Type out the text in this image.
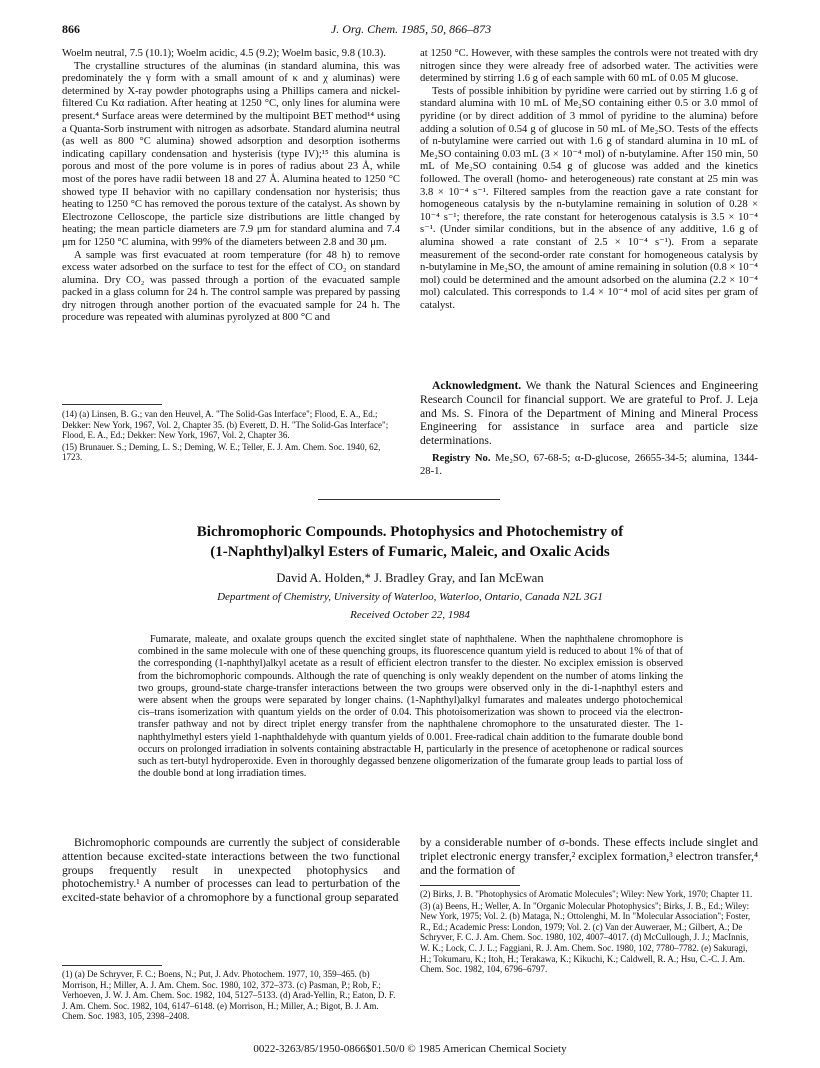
866	J. Org. Chem. 1985, 50, 866–873

Woelm neutral, 7.5 (10.1); Woelm acidic, 4.5 (9.2); Woelm basic, 9.8 (10.3).

The crystalline structures of the aluminas (in standard alumina, this was predominately the γ form with a small amount of κ and χ aluminas) were determined by X-ray powder photographs using a Phillips camera and nickel-filtered Cu Kα radiation. After heating at 1250 °C, only lines for alumina were present.⁴ Surface areas were determined by the multipoint BET method¹⁴ using a Quanta-Sorb instrument with nitrogen as adsorbate. Standard alumina neutral (as well as 800 °C alumina) showed adsorption and desorption isotherms indicating capillary condensation and hysterisis (type IV);¹⁵ this alumina is porous and most of the pore volume is in pores of radius about 23 Å, while most of the pores have radii between 18 and 27 Å. Alumina heated to 1250 °C showed type II behavior with no capillary condensation nor hysterisis; thus heating to 1250 °C has removed the porous texture of the catalyst. As shown by Electrozone Celloscope, the particle size distributions are little changed by heating; the mean particle diameters are 7.9 μm for standard alumina and 7.4 μm for 1250 °C alumina, with 99% of the diameters between 2.8 and 30 μm.

A sample was first evacuated at room temperature (for 48 h) to remove excess water adsorbed on the surface to test for the effect of CO₂ on standard alumina. Dry CO₂ was passed through a portion of the evacuated sample packed in a glass column for 24 h. The control sample was prepared by passing dry nitrogen through another portion of the evacuated sample for 24 h. The procedure was repeated with aluminas pyrolyzed at 800 °C and

(14) (a) Linsen, B. G.; van den Heuvel, A. "The Solid-Gas Interface"; Flood, E. A., Ed.; Dekker: New York, 1967, Vol. 2, Chapter 35. (b) Everett, D. H. "The Solid-Gas Interface"; Flood, E. A., Ed.; Dekker: New York, 1967, Vol. 2, Chapter 36.

(15) Brunauer. S.; Deming, L. S.; Deming, W. E.; Teller, E. J. Am. Chem. Soc. 1940, 62, 1723.

at 1250 °C. However, with these samples the controls were not treated with dry nitrogen since they were already free of adsorbed water. The activities were determined by stirring 1.6 g of each sample with 60 mL of 0.05 M glucose.

Tests of possible inhibition by pyridine were carried out by stirring 1.6 g of standard alumina with 10 mL of Me₂SO containing either 0.5 or 3.0 mmol of pyridine (or by direct addition of 3 mmol of pyridine to the alumina) before adding a solution of 0.54 g of glucose in 50 mL of Me₂SO. Tests of the effects of n-butylamine were carried out with 1.6 g of standard alumina in 10 mL of Me₂SO containing 0.03 mL (3 × 10⁻⁴ mol) of n-butylamine. After 150 min, 50 mL of Me₂SO containing 0.54 g of glucose was added and the kinetics followed. The overall (homo- and heterogeneous) rate constant at 25 min was 3.8 × 10⁻⁴ s⁻¹. Filtered samples from the reaction gave a rate constant for homogeneous catalysis by the n-butylamine remaining in solution of 0.28 × 10⁻⁴ s⁻¹; therefore, the rate constant for heterogenous catalysis is 3.5 × 10⁻⁴ s⁻¹. (Under similar conditions, but in the absence of any additive, 1.6 g of alumina showed a rate constant of 2.5 × 10⁻⁴ s⁻¹). From a separate measurement of the second-order rate constant for homogeneous catalysis by n-butylamine in Me₂SO, the amount of amine remaining in solution (0.8 × 10⁻⁴ mol) could be determined and the amount adsorbed on the alumina (2.2 × 10⁻⁴ mol) calculated. This corresponds to 1.4 × 10⁻⁴ mol of acid sites per gram of catalyst.

Acknowledgment. We thank the Natural Sciences and Engineering Research Council for financial support. We are grateful to Prof. J. Leja and Ms. S. Finora of the Department of Mining and Mineral Process Engineering for assistance in surface area and particle size determinations.

Registry No. Me₂SO, 67-68-5; α-D-glucose, 26655-34-5; alumina, 1344-28-1.

Bichromophoric Compounds. Photophysics and Photochemistry of
(1-Naphthyl)alkyl Esters of Fumaric, Maleic, and Oxalic Acids
David A. Holden,* J. Bradley Gray, and Ian McEwan
Department of Chemistry, University of Waterloo, Waterloo, Ontario, Canada N2L 3G1
Received October 22, 1984
Fumarate, maleate, and oxalate groups quench the excited singlet state of naphthalene. When the naphthalene chromophore is combined in the same molecule with one of these quenching groups, its fluorescence quantum yield is reduced to about 1% of that of the corresponding (1-naphthyl)alkyl acetate as a result of efficient electron transfer to the diester. No exciplex emission is observed from the bichromophoric compounds. Although the rate of quenching is only weakly dependent on the number of atoms linking the two groups, ground-state charge-transfer interactions between the two groups were observed only in the di-1-naphthyl esters and were absent when the groups were separated by longer chains. (1-Naphthyl)alkyl fumarates and maleates undergo photochemical cis–trans isomerization with quantum yields on the order of 0.04. This photoisomerization was shown to proceed via the electron-transfer pathway and not by direct triplet energy transfer from the naphthalene chromophore to the unsaturated diester. The 1-naphthylmethyl esters yield 1-naphthaldehyde with quantum yields of 0.001. Free-radical chain addition to the fumarate double bond occurs on prolonged irradiation in solvents containing abstractable H, particularly in the presence of acetophenone or radical sources such as tert-butyl hydroperoxide. Even in thoroughly degassed benzene oligomerization of the fumarate group leads to partial loss of the double bond at long irradiation times.

Bichromophoric compounds are currently the subject of considerable attention because excited-state interactions between the two functional groups frequently result in unexpected photophysics and photochemistry.¹ A number of processes can lead to perturbation of the excited-state behavior of a chromophore by a functional group separated

(1) (a) De Schryver, F. C.; Boens, N.; Put, J. Adv. Photochem. 1977, 10, 359–465. (b) Morrison, H.; Miller, A. J. Am. Chem. Soc. 1980, 102, 372–373. (c) Pasman, P.; Rob, F.; Verhoeven, J. W. J. Am. Chem. Soc. 1982, 104, 5127–5133. (d) Arad-Yellin, R.; Eaton, D. F. J. Am. Chem. Soc. 1982, 104, 6147–6148. (e) Morrison, H.; Miller, A.; Bigot, B. J. Am. Chem. Soc. 1983, 105, 2398–2408.

by a considerable number of σ-bonds. These effects include singlet and triplet electronic energy transfer,² exciplex formation,³ electron transfer,⁴ and the formation of

(2) Birks, J. B. "Photophysics of Aromatic Molecules"; Wiley: New York, 1970; Chapter 11.

(3) (a) Beens, H.; Weller, A. In "Organic Molecular Photophysics"; Birks, J. B., Ed.; Wiley: New York, 1975; Vol. 2. (b) Mataga, N.; Ottolenghi, M. In "Molecular Association"; Foster, R., Ed.; Academic Press: London, 1979; Vol. 2. (c) Van der Auweraer, M.; Gilbert, A.; De Schryver, F. C. J. Am. Chem. Soc. 1980, 102, 4007–4017. (d) McCullough, J. J.; MacInnis, W. K.; Lock, C. J. L.; Faggiani, R. J. Am. Chem. Soc. 1980, 102, 7780–7782. (e) Sakuragi, H.; Tokumaru, K.; Itoh, H.; Terakawa, K.; Kikuchi, K.; Caldwell, R. A.; Hsu, C.-C. J. Am. Chem. Soc. 1982, 104, 6796–6797.

0022-3263/85/1950-0866$01.50/0 © 1985 American Chemical Society
